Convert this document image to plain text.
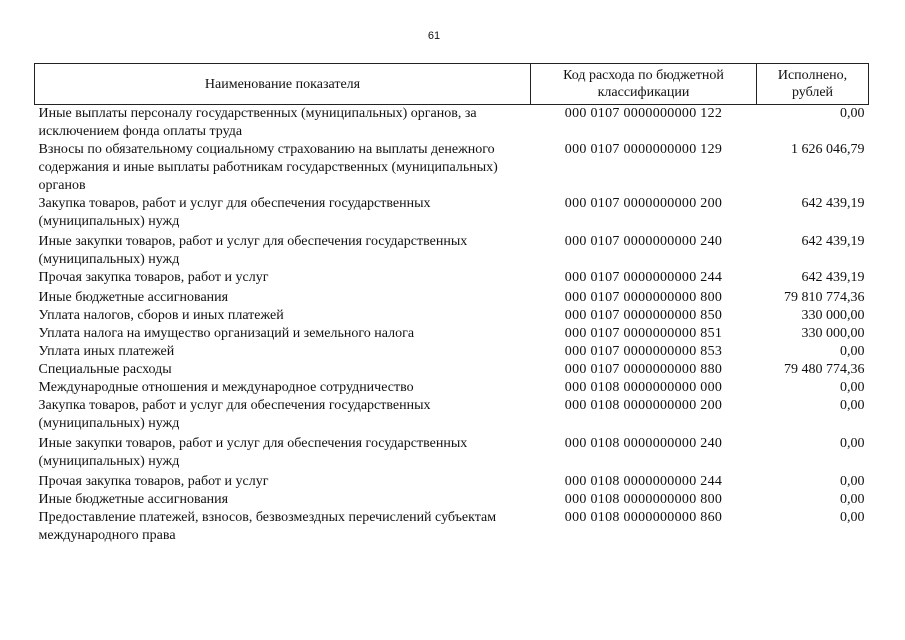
61
Наименование показателя	Код расхода по бюджетной классификации	Исполнено, рублей
Иные выплаты персоналу государственных (муниципальных) органов, за исключением фонда оплаты труда	000 0107 0000000000 122	0,00
Взносы по обязательному социальному страхованию на выплаты денежного содержания и иные выплаты работникам государственных (муниципальных) органов	000 0107 0000000000 129	1 626 046,79
Закупка товаров, работ и услуг для обеспечения государственных (муниципальных) нужд	000 0107 0000000000 200	642 439,19
Иные закупки товаров, работ и услуг для обеспечения государственных (муниципальных) нужд	000 0107 0000000000 240	642 439,19
Прочая закупка товаров, работ и услуг	000 0107 0000000000 244	642 439,19
Иные бюджетные ассигнования	000 0107 0000000000 800	79 810 774,36
Уплата налогов, сборов и иных платежей	000 0107 0000000000 850	330 000,00
Уплата налога на имущество организаций и земельного налога	000 0107 0000000000 851	330 000,00
Уплата иных платежей	000 0107 0000000000 853	0,00
Специальные расходы	000 0107 0000000000 880	79 480 774,36
Международные отношения и международное сотрудничество	000 0108 0000000000 000	0,00
Закупка товаров, работ и услуг для обеспечения государственных (муниципальных) нужд	000 0108 0000000000 200	0,00
Иные закупки товаров, работ и услуг для обеспечения государственных (муниципальных) нужд	000 0108 0000000000 240	0,00
Прочая закупка товаров, работ и услуг	000 0108 0000000000 244	0,00
Иные бюджетные ассигнования	000 0108 0000000000 800	0,00
Предоставление платежей, взносов, безвозмездных перечислений субъектам международного права	000 0108 0000000000 860	0,00
